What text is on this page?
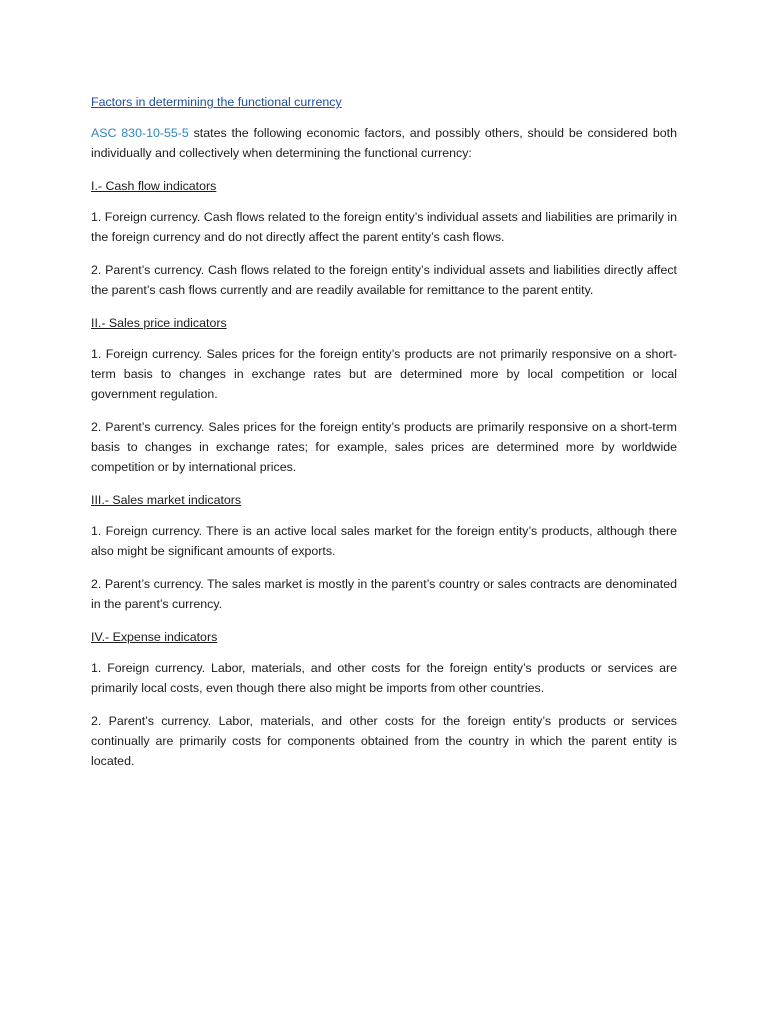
Factors in determining the functional currency

ASC 830-10-55-5 states the following economic factors, and possibly others, should be considered both individually and collectively when determining the functional currency:

I.- Cash flow indicators

1. Foreign currency. Cash flows related to the foreign entity’s individual assets and liabilities are primarily in the foreign currency and do not directly affect the parent entity’s cash flows.

2. Parent’s currency. Cash flows related to the foreign entity’s individual assets and liabilities directly affect the parent’s cash flows currently and are readily available for remittance to the parent entity.

II.- Sales price indicators

1. Foreign currency. Sales prices for the foreign entity’s products are not primarily responsive on a short-term basis to changes in exchange rates but are determined more by local competition or local government regulation.

2. Parent’s currency. Sales prices for the foreign entity’s products are primarily responsive on a short-term basis to changes in exchange rates; for example, sales prices are determined more by worldwide competition or by international prices.

III.- Sales market indicators

1. Foreign currency. There is an active local sales market for the foreign entity’s products, although there also might be significant amounts of exports.

2. Parent’s currency. The sales market is mostly in the parent’s country or sales contracts are denominated in the parent’s currency.

IV.- Expense indicators

1. Foreign currency. Labor, materials, and other costs for the foreign entity’s products or services are primarily local costs, even though there also might be imports from other countries.

2. Parent’s currency. Labor, materials, and other costs for the foreign entity’s products or services continually are primarily costs for components obtained from the country in which the parent entity is located.
